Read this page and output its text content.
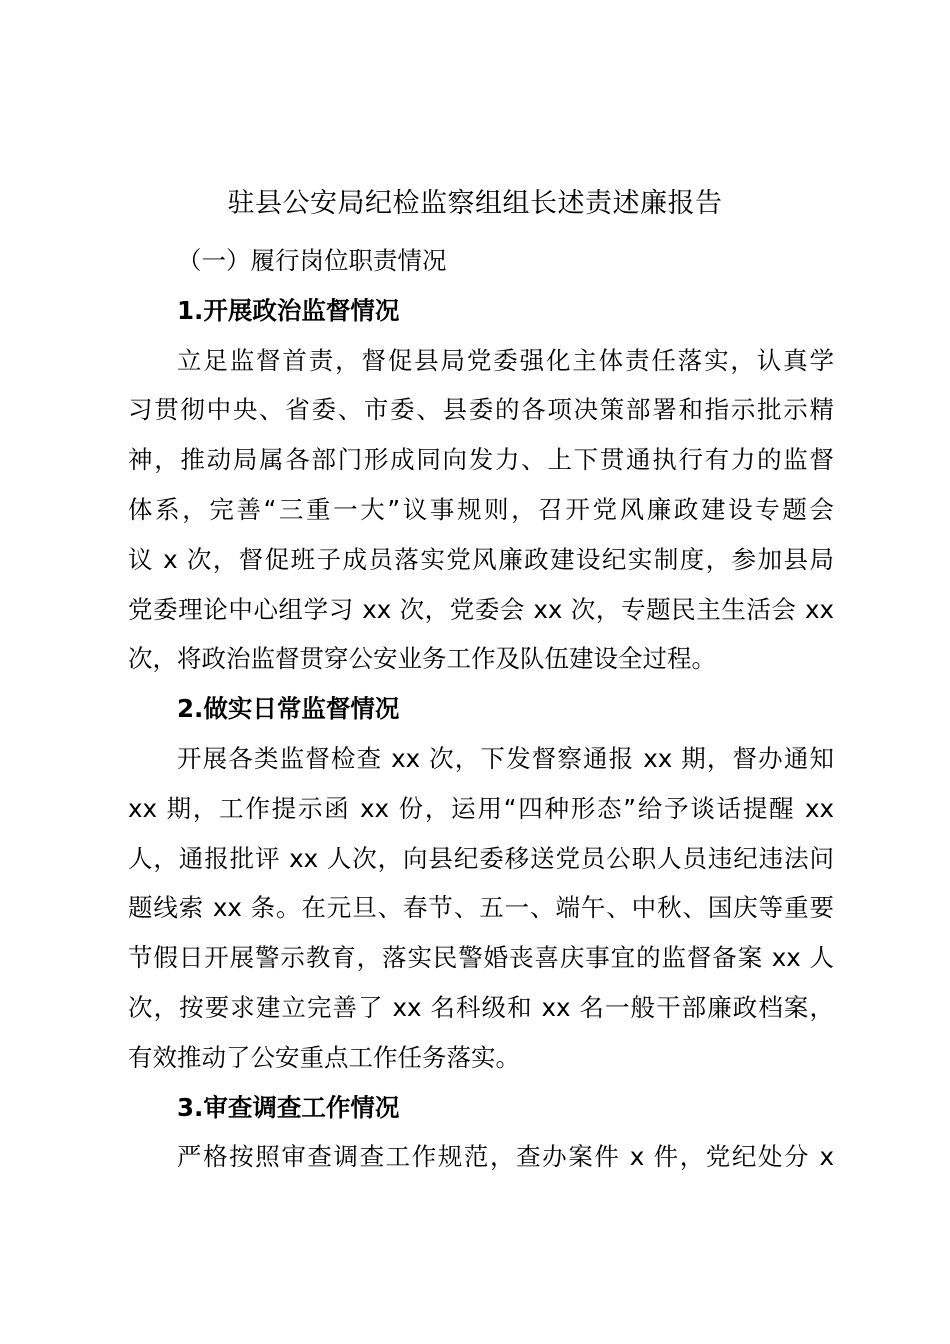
驻县公安局纪检监察组组长述责述廉报告
（一）履行岗位职责情况
1.开展政治监督情况
立足监督首责，督促县局党委强化主体责任落实，认真学
习贯彻中央、省委、市委、县委的各项决策部署和指示批示精
神，推动局属各部门形成同向发力、上下贯通执行有力的监督
体系，完善“三重一大”议事规则，召开党风廉政建设专题会
议 x 次，督促班子成员落实党风廉政建设纪实制度，参加县局
党委理论中心组学习 xx 次，党委会 xx 次，专题民主生活会 xx
次，将政治监督贯穿公安业务工作及队伍建设全过程。
2.做实日常监督情况
开展各类监督检查 xx 次，下发督察通报 xx 期，督办通知
xx 期，工作提示函 xx 份，运用“四种形态”给予谈话提醒 xx
人，通报批评 xx 人次，向县纪委移送党员公职人员违纪违法问
题线索 xx 条。在元旦、春节、五一、端午、中秋、国庆等重要
节假日开展警示教育，落实民警婚丧喜庆事宜的监督备案 xx 人
次，按要求建立完善了 xx 名科级和 xx 名一般干部廉政档案，
有效推动了公安重点工作任务落实。
3.审查调查工作情况
严格按照审查调查工作规范，查办案件 x 件，党纪处分 x
